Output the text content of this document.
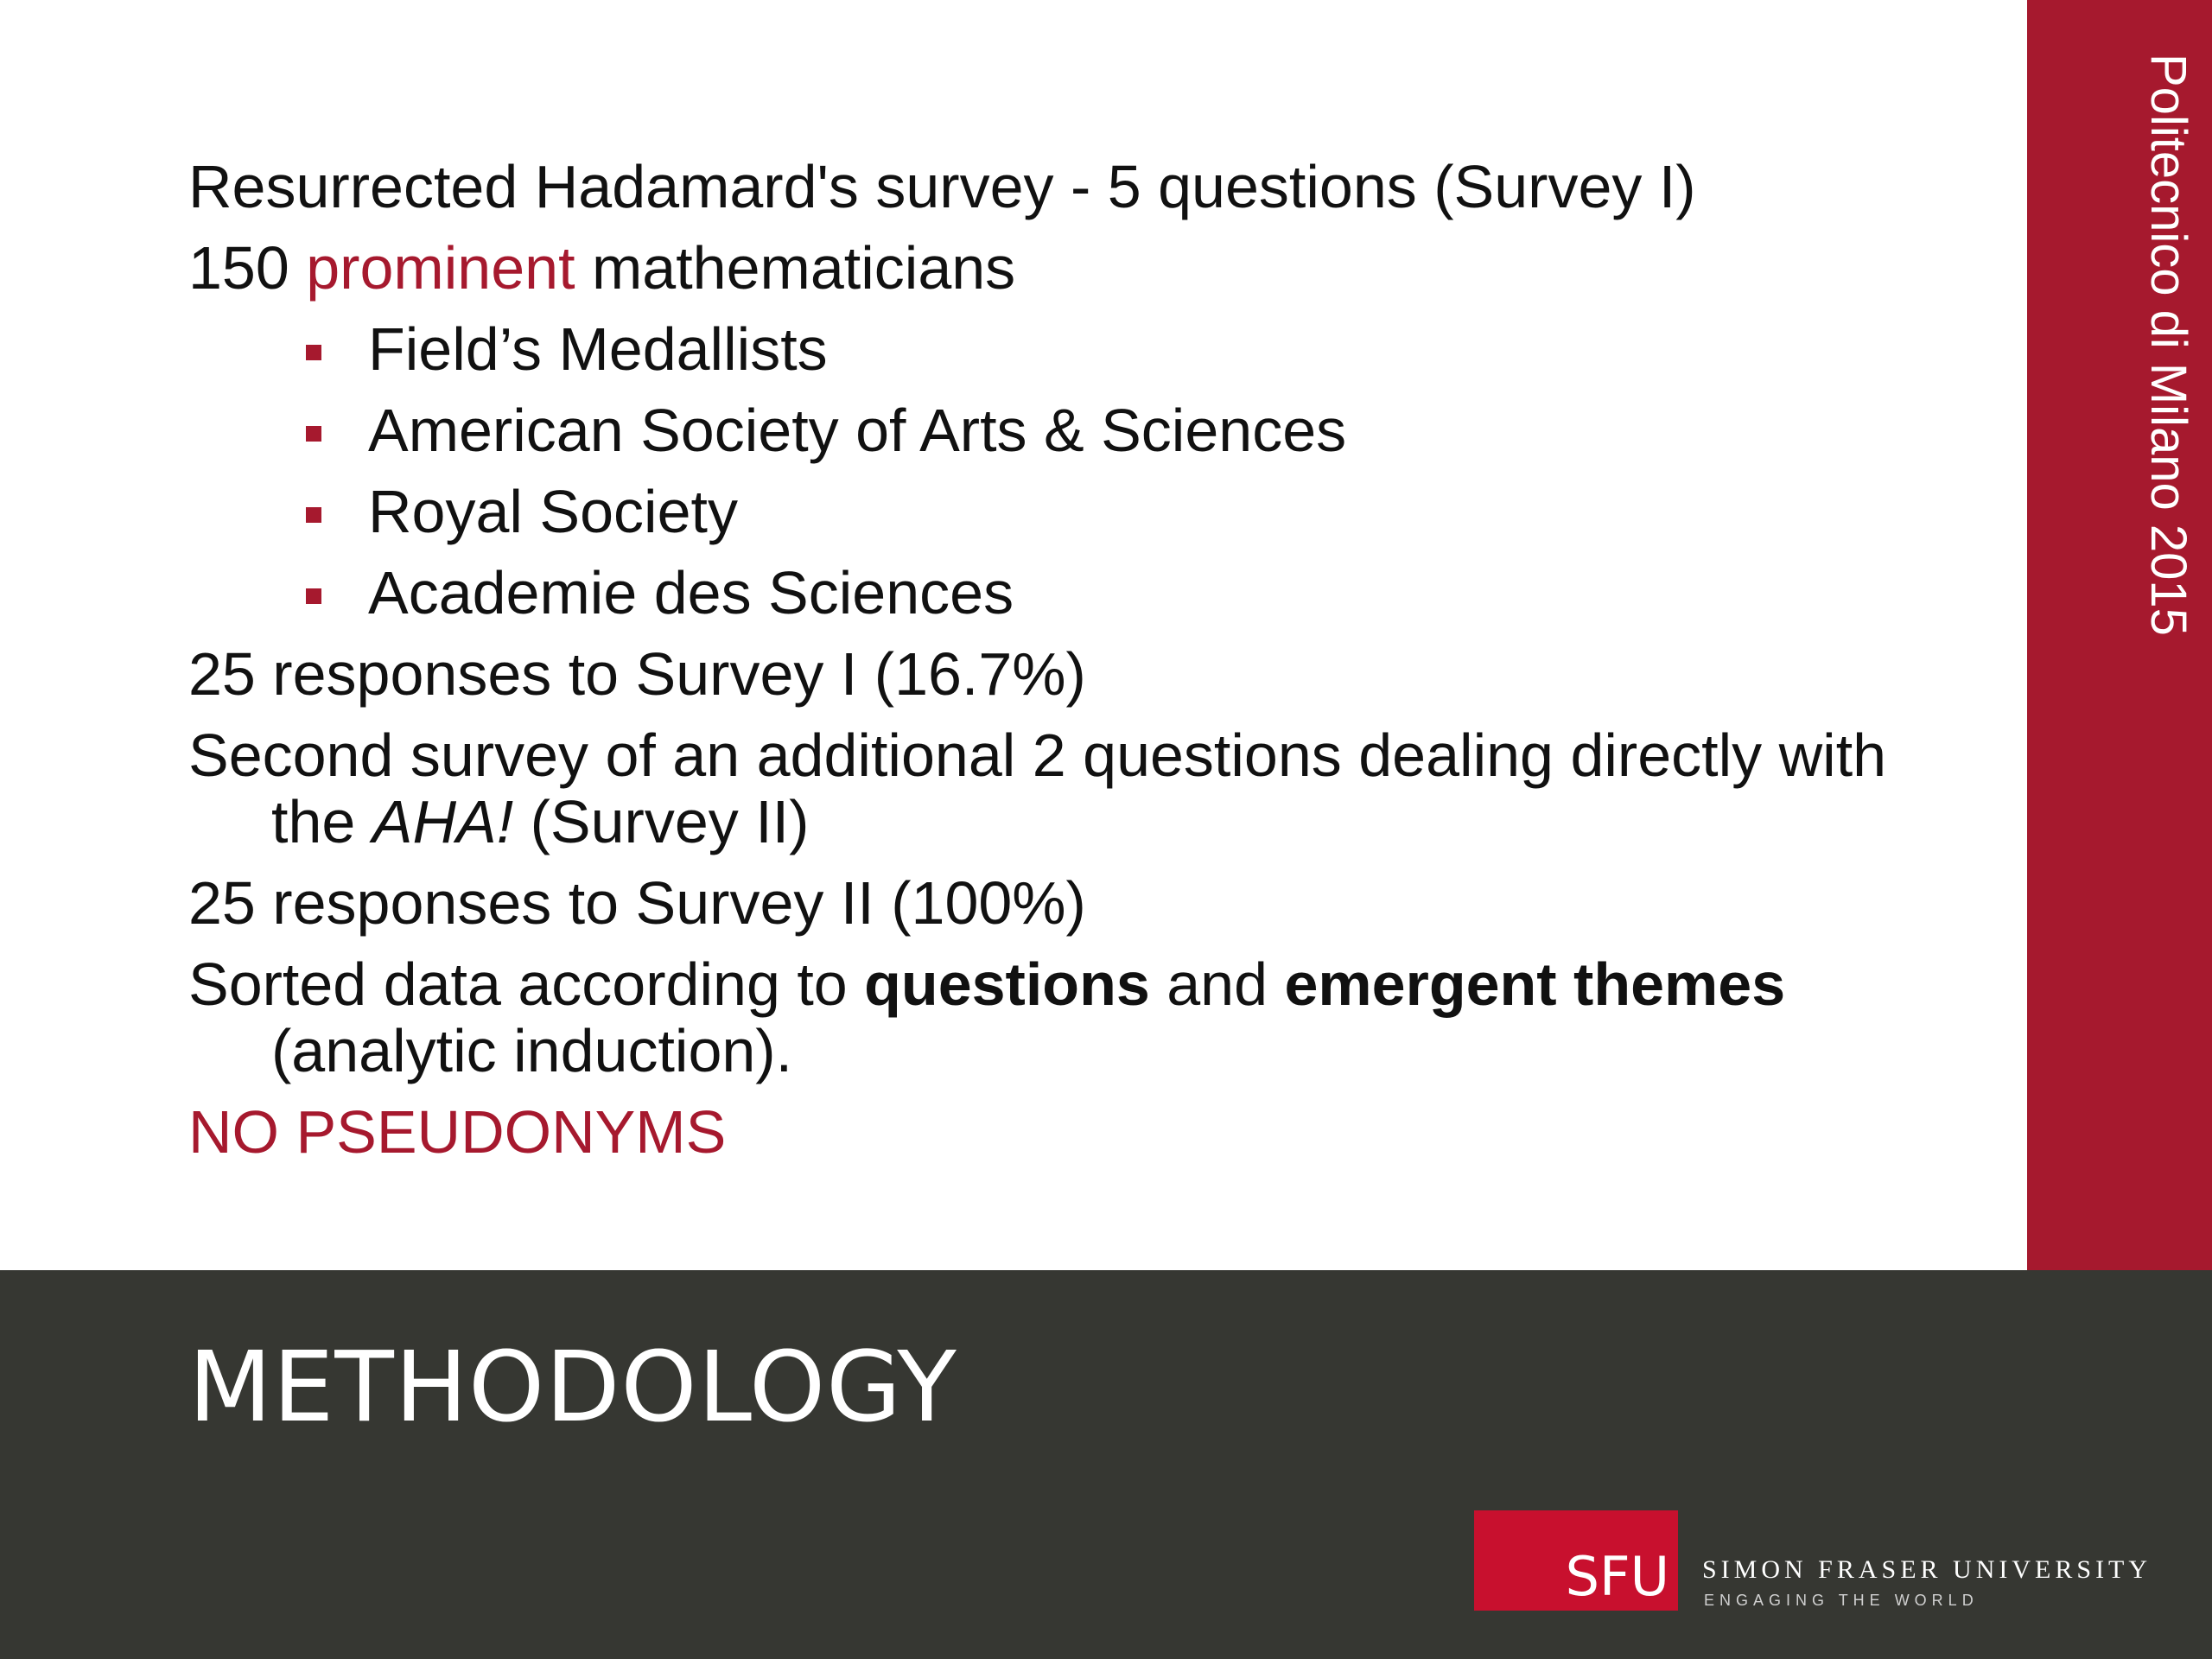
Resurrected Hadamard's survey - 5 questions (Survey I)
150 prominent mathematicians
Field’s Medallists
American Society of Arts & Sciences
Royal Society
Academie des Sciences
25 responses to Survey I (16.7%)
Second survey of an additional 2 questions dealing directly with the AHA! (Survey II)
25 responses to Survey II (100%)
Sorted data according to questions and emergent themes (analytic induction).
NO PSEUDONYMS
Politecnico di Milano 2015
METHODOLOGY
SFU SIMON FRASER UNIVERSITY
ENGAGING THE WORLD
